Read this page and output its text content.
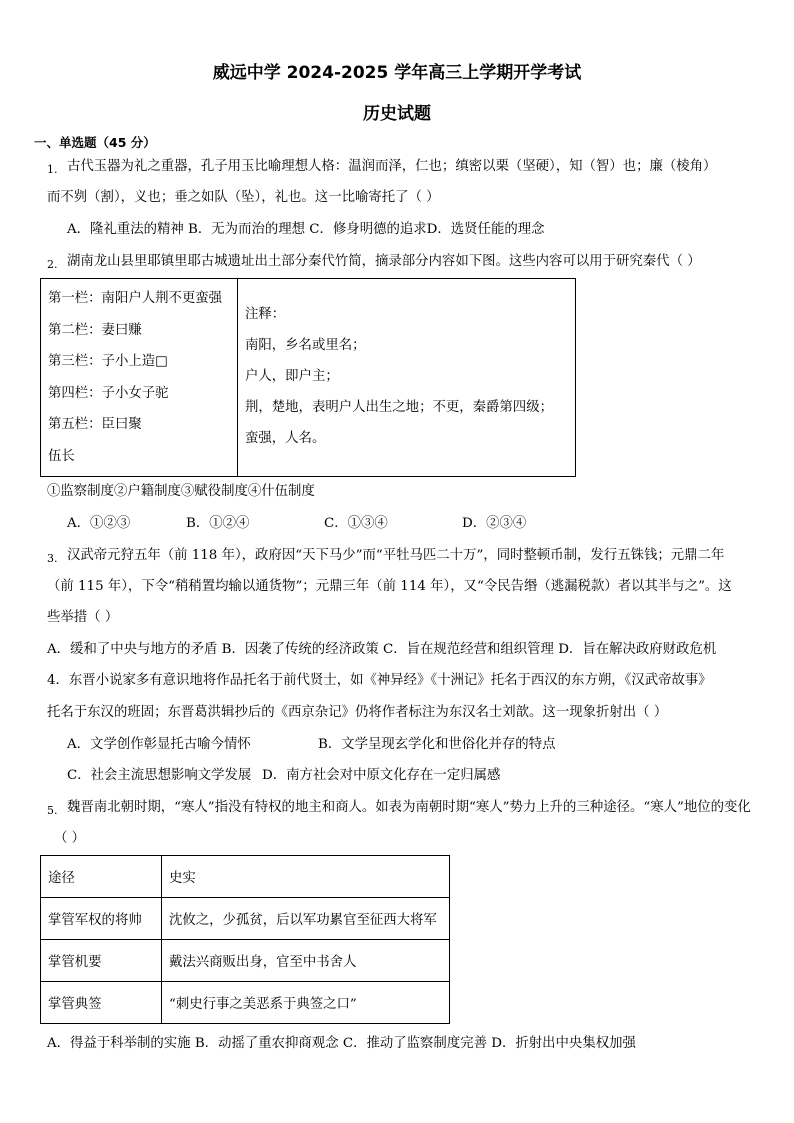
威远中学 2024-2025 学年高三上学期开学考试
历史试题
一、单选题（45 分）
1. 古代玉器为礼之重器，孔子用玉比喻理想人格：温润而泽，仁也；缜密以栗（坚硬），知（智）也；廉（棱角）
而不刿（割），义也；垂之如队（坠），礼也。这一比喻寄托了（ ）
A．隆礼重法的精神 B．无为而治的理想 C．修身明德的追求D．选贤任能的理念
2. 湖南龙山县里耶镇里耶古城遗址出土部分秦代竹简，摘录部分内容如下图。这些内容可以用于研究秦代（ ）
第一栏：南阳户人荆不更蛮强
第二栏：妻曰赚
第三栏：子小上造□
第四栏：子小女子驼
第五栏：臣曰聚
伍长

注释：
南阳，乡名或里名；
户人，即户主；
荆，楚地，表明户人出生之地；不更，秦爵第四级；
蛮强，人名。
①监察制度②户籍制度③赋役制度④什伍制度
A．①②③	B．①②④	C．①③④	D．②③④
3. 汉武帝元狩五年（前 118 年），政府因“天下马少”而“平牡马匹二十万”，同时整顿币制，发行五铢钱；元鼎二年
（前 115 年），下令“稍稍置均输以通货物”；元鼎三年（前 114 年），又“令民告缗（逃漏税款）者以其半与之”。这
些举措（ ）
A．缓和了中央与地方的矛盾 B．因袭了传统的经济政策 C．旨在规范经营和组织管理 D．旨在解决政府财政危机
4．东晋小说家多有意识地将作品托名于前代贤士，如《神异经》《十洲记》托名于西汉的东方朔，《汉武帝故事》
托名于东汉的班固；东晋葛洪辑抄后的《西京杂记》仍将作者标注为东汉名士刘歆。这一现象折射出（ ）
A．文学创作彰显托古喻今情怀	B．文学呈现玄学化和世俗化并存的特点
C．社会主流思想影响文学发展 D．南方社会对中原文化存在一定归属感
5. 魏晋南北朝时期，“寒人”指没有特权的地主和商人。如表为南朝时期“寒人”势力上升的三种途径。“寒人”地位的变化
（ ）
途径	史实
掌管军权的将帅	沈攸之，少孤贫，后以军功累官至征西大将军
掌管机要	戴法兴商贩出身，官至中书舍人
掌管典签	“刺史行事之美恶系于典签之口”
A．得益于科举制的实施 B．动摇了重农抑商观念 C．推动了监察制度完善 D．折射出中央集权加强
